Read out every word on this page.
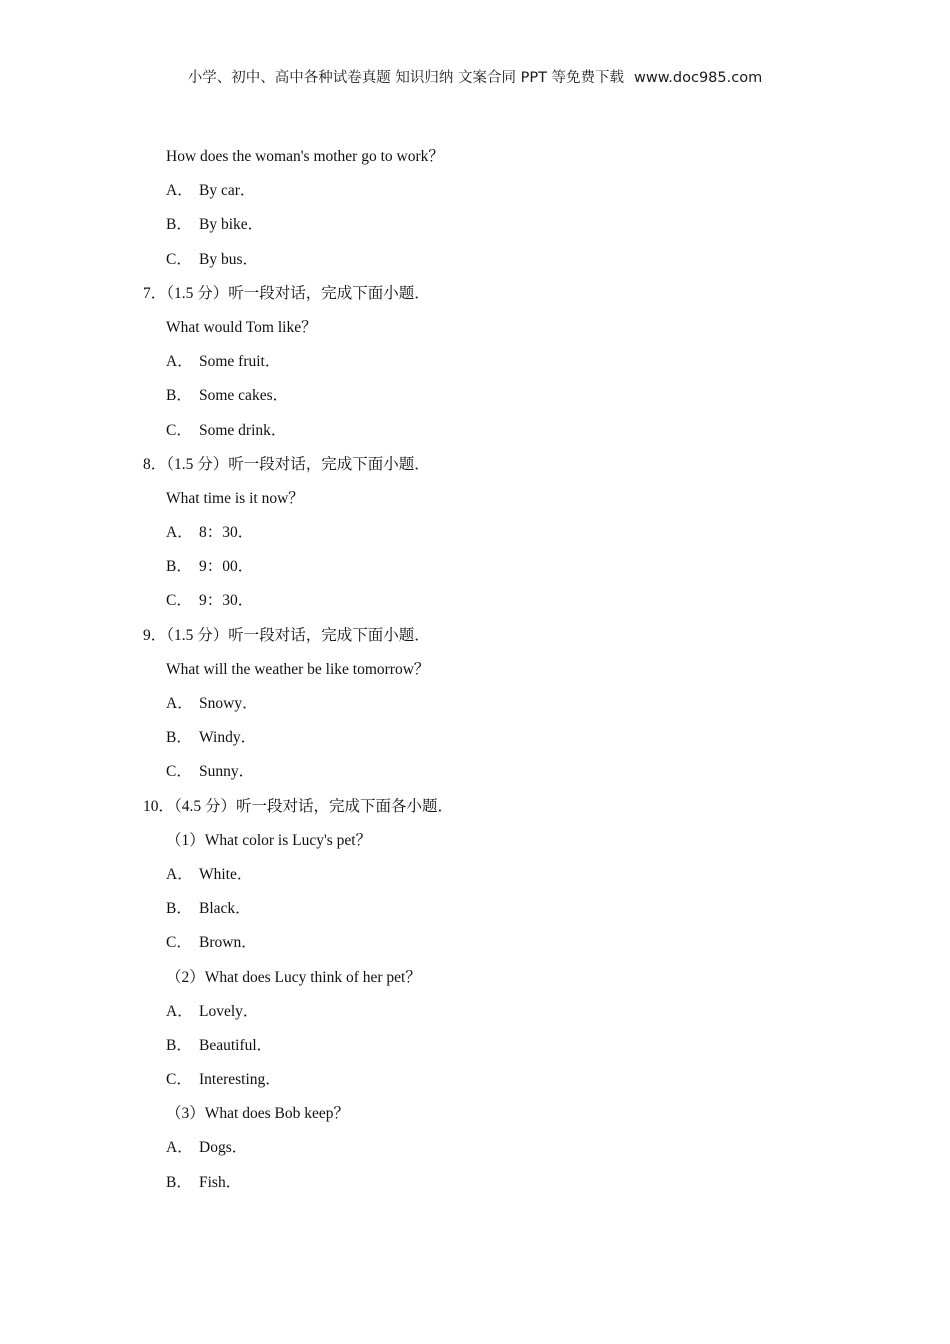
小学、初中、高中各种试卷真题 知识归纳 文案合同 PPT 等免费下载 www.doc985.com
How does the woman's mother go to work？
A． By car．
B． By bike．
C． By bus．
7．（1.5 分）听一段对话，完成下面小题．
What would Tom like？
A． Some fruit．
B． Some cakes．
C． Some drink．
8．（1.5 分）听一段对话，完成下面小题．
What time is it now？
A． 8：30．
B． 9：00．
C． 9：30．
9．（1.5 分）听一段对话，完成下面小题．
What will the weather be like tomorrow？
A． Snowy．
B． Windy．
C． Sunny．
10．（4.5 分）听一段对话，完成下面各小题．
（1）What color is Lucy's pet？
A． White．
B． Black．
C． Brown．
（2）What does Lucy think of her pet？
A． Lovely．
B． Beautiful．
C． Interesting．
（3）What does Bob keep？
A． Dogs．
B． Fish．
